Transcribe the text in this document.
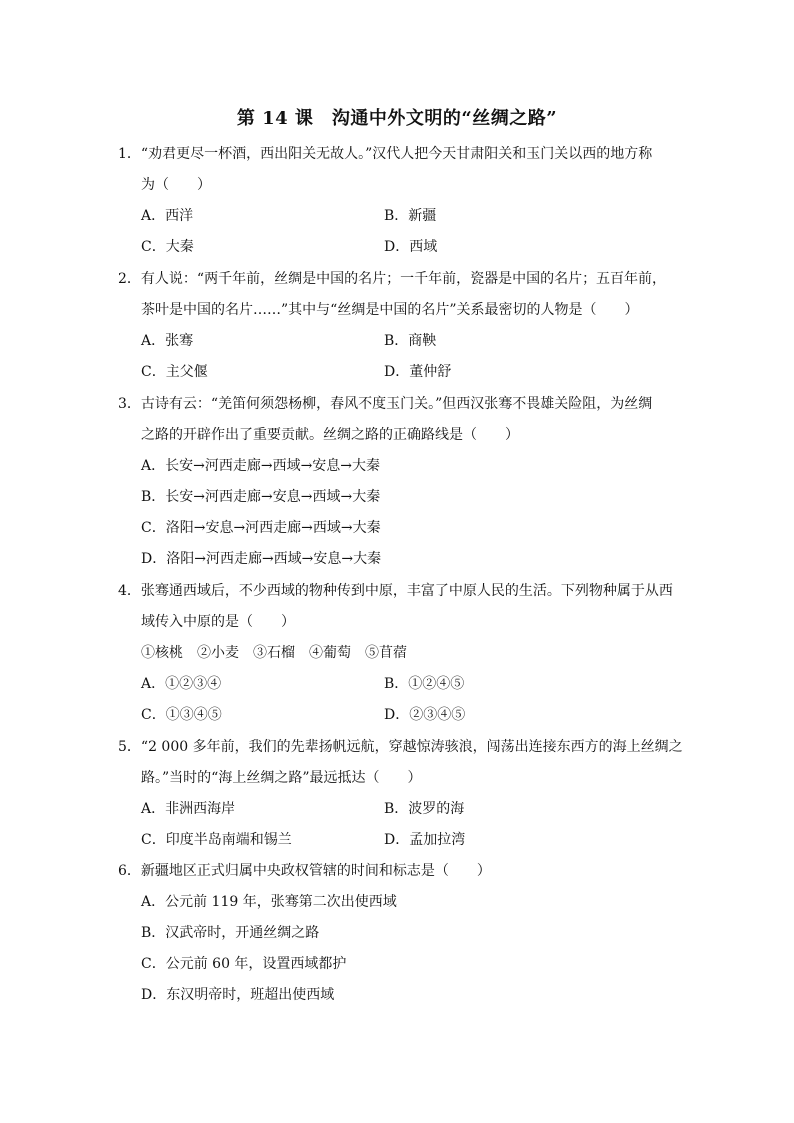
第 14 课　沟通中外文明的“丝绸之路”
1．“劝君更尽一杯酒，西出阳关无故人。”汉代人把今天甘肃阳关和玉门关以西的地方称
为（　　）
A．西洋	B．新疆
C．大秦	D．西域
2．有人说：“两千年前，丝绸是中国的名片；一千年前，瓷器是中国的名片；五百年前，
茶叶是中国的名片……”其中与“丝绸是中国的名片”关系最密切的人物是（　　）
A．张骞	B．商鞅
C．主父偃	D．董仲舒
3．古诗有云：“羌笛何须怨杨柳，春风不度玉门关。”但西汉张骞不畏雄关险阻，为丝绸
之路的开辟作出了重要贡献。丝绸之路的正确路线是（　　）
A．长安→河西走廊→西域→安息→大秦
B．长安→河西走廊→安息→西域→大秦
C．洛阳→安息→河西走廊→西域→大秦
D．洛阳→河西走廊→西域→安息→大秦
4．张骞通西域后，不少西域的物种传到中原，丰富了中原人民的生活。下列物种属于从西
域传入中原的是（　　）
①核桃　②小麦　③石榴　④葡萄　⑤苜蓿
A．①②③④	B．①②④⑤
C．①③④⑤	D．②③④⑤
5．“2 000 多年前，我们的先辈扬帆远航，穿越惊涛骇浪，闯荡出连接东西方的海上丝绸之
路。”当时的“海上丝绸之路”最远抵达（　　）
A．非洲西海岸	B．波罗的海
C．印度半岛南端和锡兰	D．孟加拉湾
6．新疆地区正式归属中央政权管辖的时间和标志是（　　）
A．公元前 119 年，张骞第二次出使西域
B．汉武帝时，开通丝绸之路
C．公元前 60 年，设置西域都护
D．东汉明帝时，班超出使西域
